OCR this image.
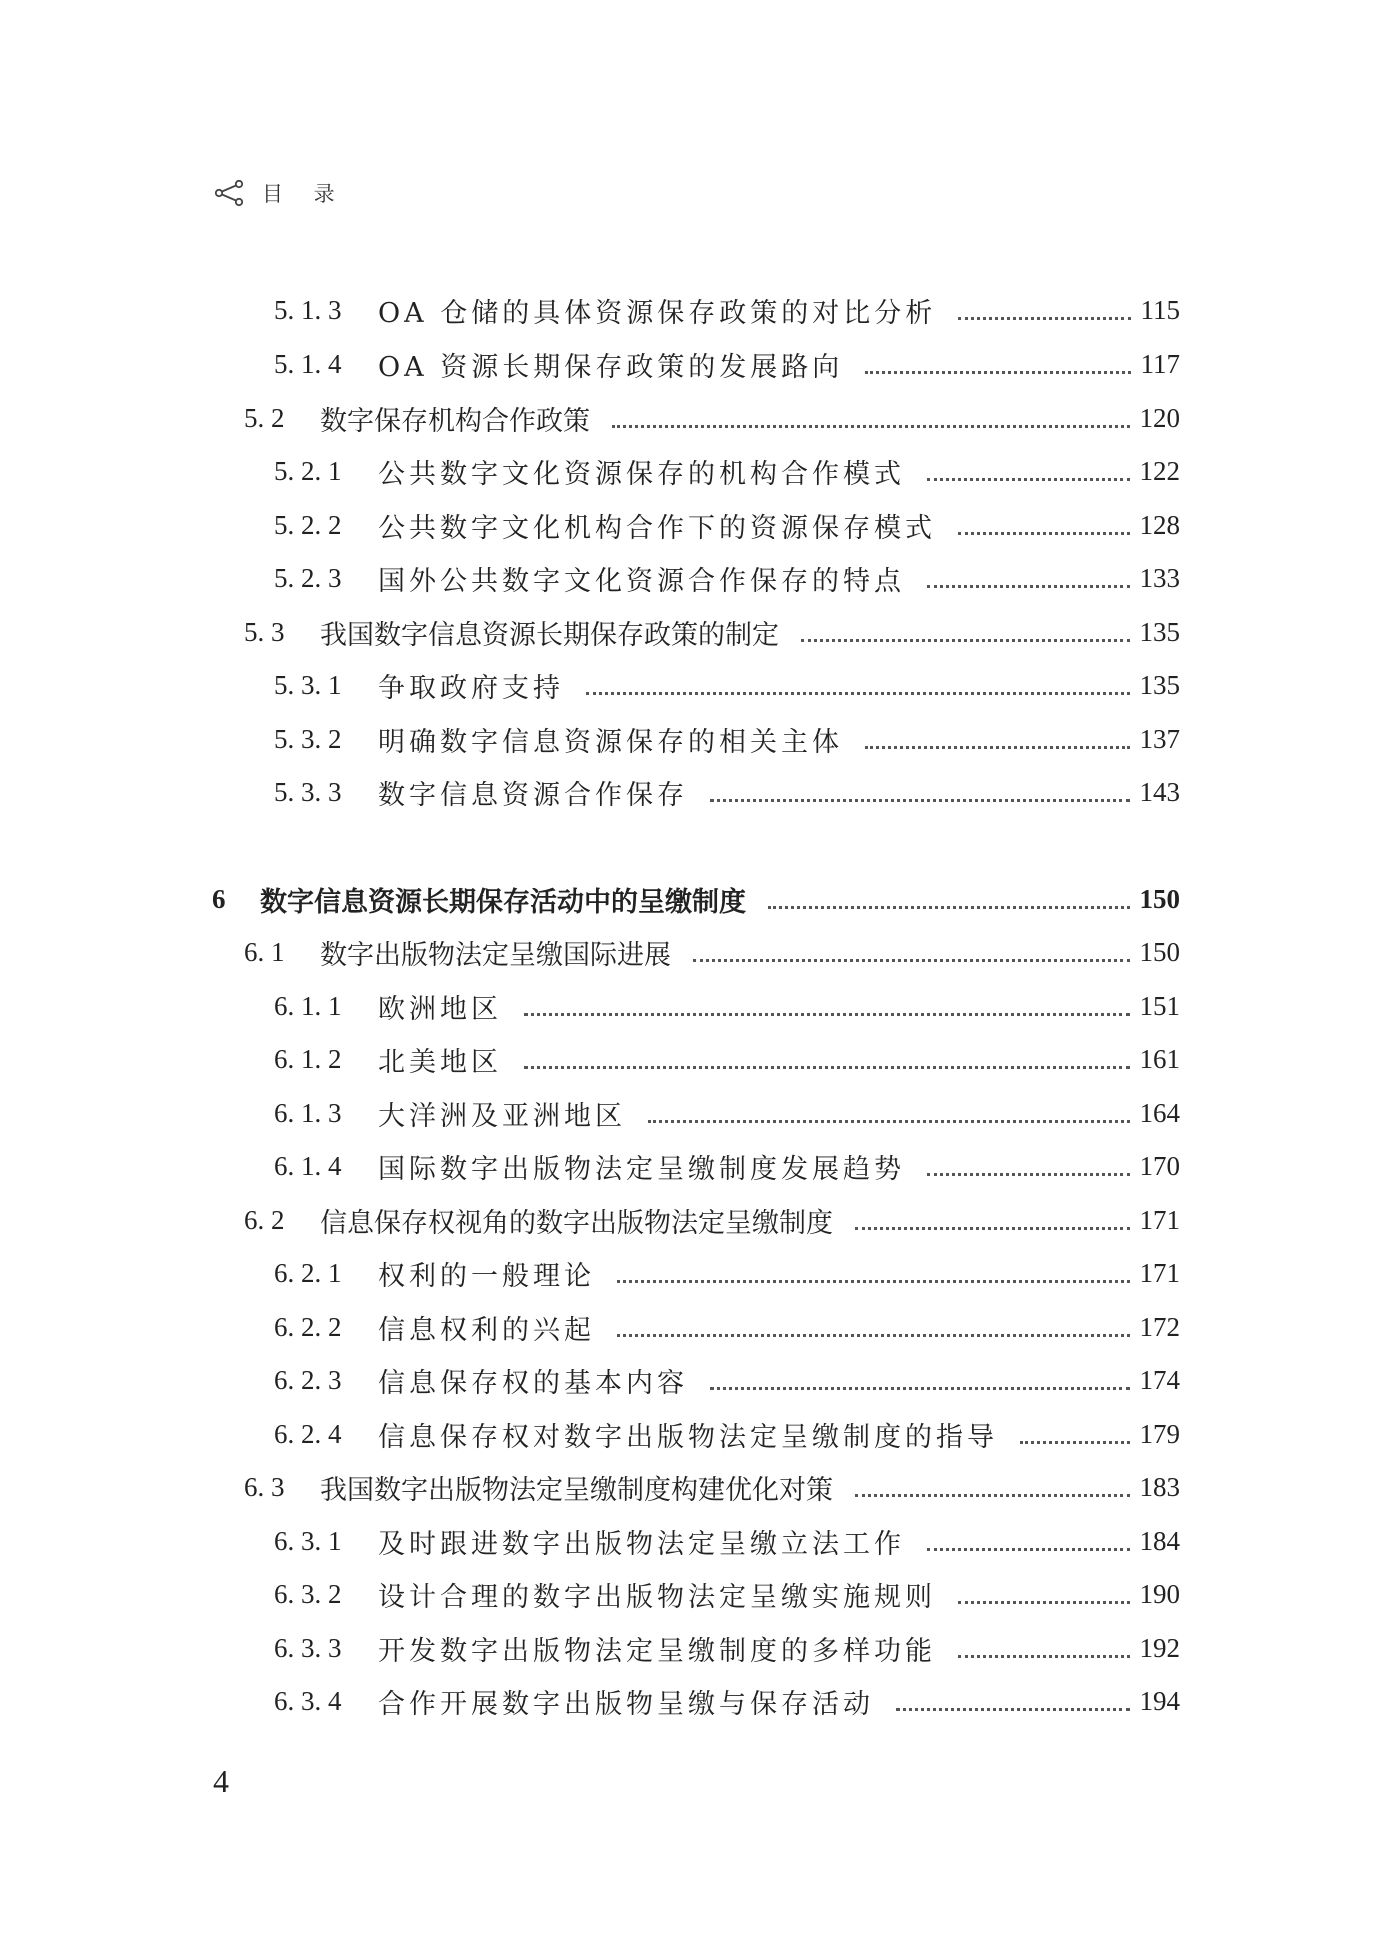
目 录
5. 1. 3	OA 仓储的具体资源保存政策的对比分析	115
5. 1. 4	OA 资源长期保存政策的发展路向	117
5. 2	数字保存机构合作政策	120
5. 2. 1	公共数字文化资源保存的机构合作模式	122
5. 2. 2	公共数字文化机构合作下的资源保存模式	128
5. 2. 3	国外公共数字文化资源合作保存的特点	133
5. 3	我国数字信息资源长期保存政策的制定	135
5. 3. 1	争取政府支持	135
5. 3. 2	明确数字信息资源保存的相关主体	137
5. 3. 3	数字信息资源合作保存	143
6	数字信息资源长期保存活动中的呈缴制度	150
6. 1	数字出版物法定呈缴国际进展	150
6. 1. 1	欧洲地区	151
6. 1. 2	北美地区	161
6. 1. 3	大洋洲及亚洲地区	164
6. 1. 4	国际数字出版物法定呈缴制度发展趋势	170
6. 2	信息保存权视角的数字出版物法定呈缴制度	171
6. 2. 1	权利的一般理论	171
6. 2. 2	信息权利的兴起	172
6. 2. 3	信息保存权的基本内容	174
6. 2. 4	信息保存权对数字出版物法定呈缴制度的指导	179
6. 3	我国数字出版物法定呈缴制度构建优化对策	183
6. 3. 1	及时跟进数字出版物法定呈缴立法工作	184
6. 3. 2	设计合理的数字出版物法定呈缴实施规则	190
6. 3. 3	开发数字出版物法定呈缴制度的多样功能	192
6. 3. 4	合作开展数字出版物呈缴与保存活动	194
4
